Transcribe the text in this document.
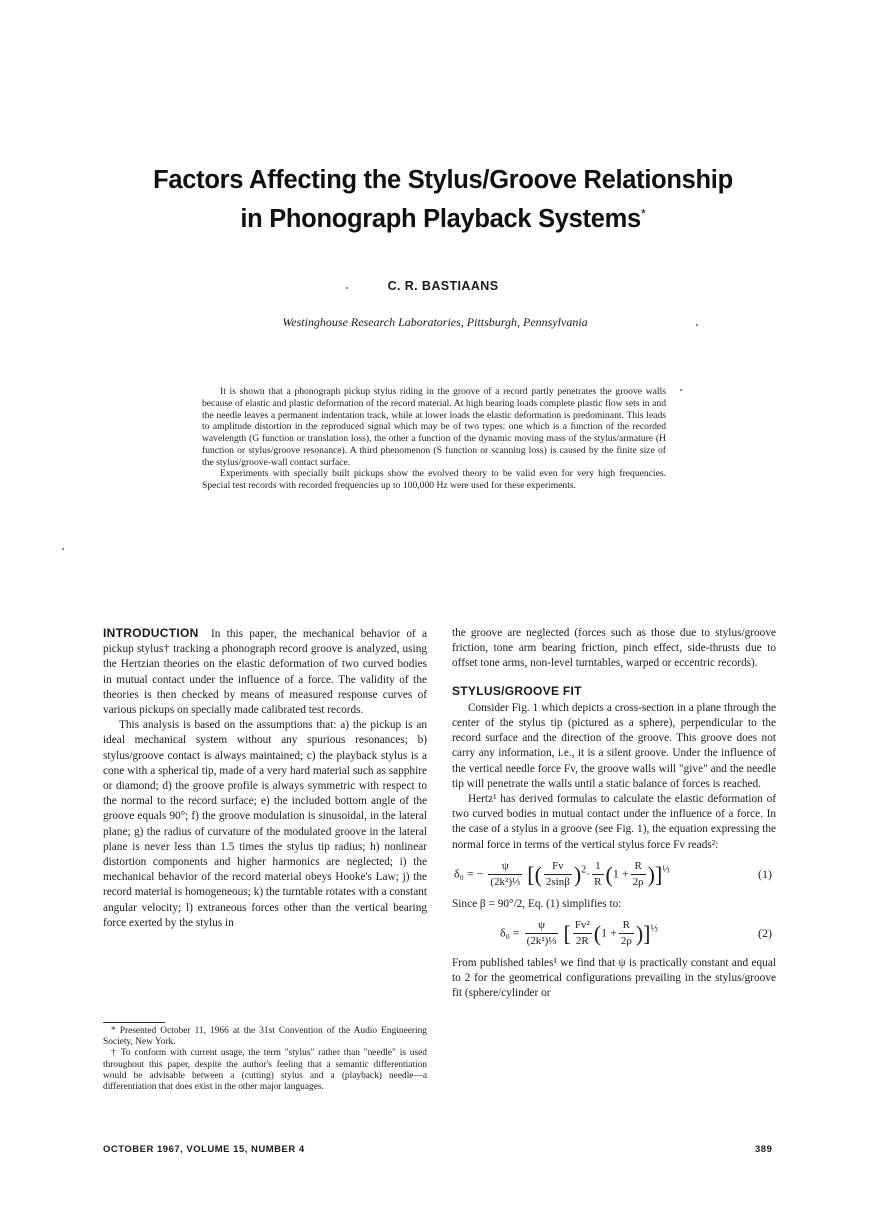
Factors Affecting the Stylus/Groove Relationship
in Phonograph Playback Systems*
C. R. BASTIAANS
Westinghouse Research Laboratories, Pittsburgh, Pennsylvania

It is shown that a phonograph pickup stylus riding in the groove of a record partly penetrates the groove walls because of elastic and plastic deformation of the record material. At high bearing loads complete plastic flow sets in and the needle leaves a permanent indentation track, while at lower loads the elastic deformation is predominant. This leads to amplitude distortion in the reproduced signal which may be of two types: one which is a function of the recorded wavelength (G function or translation loss), the other a function of the dynamic moving mass of the stylus/armature (H function or stylus/groove resonance). A third phenomenon (S function or scanning loss) is caused by the finite size of the stylus/groove-wall contact surface.

Experiments with specially built pickups show the evolved theory to be valid even for very high frequencies. Special test records with recorded frequencies up to 100,000 Hz were used for these experiments.

INTRODUCTION In this paper, the mechanical behavior of a pickup stylus† tracking a phonograph record groove is analyzed, using the Hertzian theories on the elastic deformation of two curved bodies in mutual contact under the influence of a force. The validity of the theories is then checked by means of measured response curves of various pickups on specially made calibrated test records.

This analysis is based on the assumptions that: a) the pickup is an ideal mechanical system without any spurious resonances; b) stylus/groove contact is always maintained; c) the playback stylus is a cone with a spherical tip, made of a very hard material such as sapphire or diamond; d) the groove profile is always symmetric with respect to the normal to the record surface; e) the included bottom angle of the groove equals 90°; f) the groove modulation is sinusoidal, in the lateral plane; g) the radius of curvature of the modulated groove in the lateral plane is never less than 1.5 times the stylus tip radius; h) nonlinear distortion components and higher harmonics are neglected; i) the mechanical behavior of the record material obeys Hooke's Law; j) the record material is homogeneous; k) the turntable rotates with a constant angular velocity; l) extraneous forces other than the vertical bearing force exerted by the stylus in

the groove are neglected (forces such as those due to stylus/groove friction, tone arm bearing friction, pinch effect, side-thrusts due to offset tone arms, non-level turntables, warped or eccentric records).

STYLUS/GROOVE FIT

Consider Fig. 1 which depicts a cross-section in a plane through the center of the stylus tip (pictured as a sphere), perpendicular to the record surface and the direction of the groove. This groove does not carry any information, i.e., it is a silent groove. Under the influence of the vertical needle force Fv, the groove walls will "give" and the needle tip will penetrate the walls until a static balance of forces is reached.

Hertz¹ has derived formulas to calculate the elastic deformation of two curved bodies in mutual contact under the influence of a force. In the case of a stylus in a groove (see Fig. 1), the equation expressing the normal force in terms of the vertical stylus force Fv reads²:

δ₀ = − $\frac{\psi}{\text{(2k²)⅓}}$ [( $\frac{Fv}{2\sin\beta} )^2\cdot \frac{1}{R} (1 + \frac{R}{2\rho} )]^{\frac{1}{3}}$	(1)

Since β = 90°/2, Eq. (1) simplifies to:

$\delta_0 = \frac{\psi}{\text{(2k²)⅓}}$ [ $\frac{\text{Fv²}}{2R} (1 + \frac{R}{2\rho} )]^{\frac{1}{3}}$	(2)

From published tables¹ we find that ψ is practically constant and equal to 2 for the geometrical configurations prevailing in the stylus/groove fit (sphere/cylinder or

* Presented October 11, 1966 at the 31st Convention of the Audio Engineering Society, New York.

† To conform with current usage, the term "stylus" rather than "needle" is used throughout this paper, despite the author's feeling that a semantic differentiation would be advisable between a (cutting) stylus and a (playback) needle—a differentiation that does exist in the other major languages.

OCTOBER 1967, VOLUME 15, NUMBER 4	389
